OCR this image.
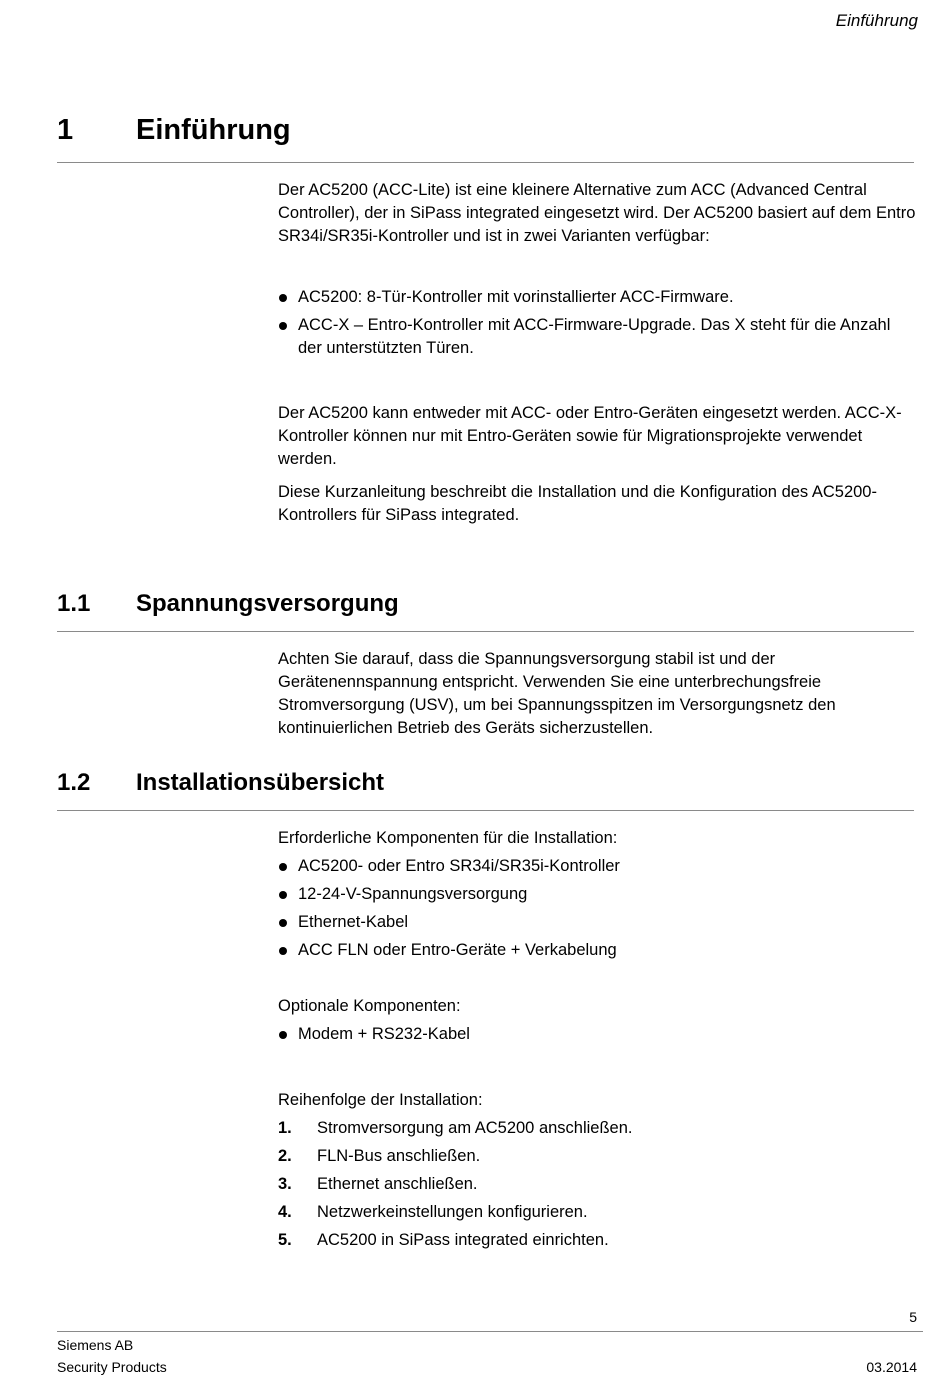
Einführung
1 Einführung

Der AC5200 (ACC-Lite) ist eine kleinere Alternative zum ACC (Advanced Central Controller), der in SiPass integrated eingesetzt wird. Der AC5200 basiert auf dem Entro SR34i/SR35i-Kontroller und ist in zwei Varianten verfügbar:

AC5200: 8-Tür-Kontroller mit vorinstallierter ACC-Firmware.
ACC-X – Entro-Kontroller mit ACC-Firmware-Upgrade. Das X steht für die Anzahl der unterstützten Türen.

Der AC5200 kann entweder mit ACC- oder Entro-Geräten eingesetzt werden. ACC-X-Kontroller können nur mit Entro-Geräten sowie für Migrationsprojekte verwendet werden.

Diese Kurzanleitung beschreibt die Installation und die Konfiguration des AC5200-Kontrollers für SiPass integrated.

1.1 Spannungsversorgung

Achten Sie darauf, dass die Spannungsversorgung stabil ist und der Gerätenennspannung entspricht. Verwenden Sie eine unterbrechungsfreie Stromversorgung (USV), um bei Spannungsspitzen im Versorgungsnetz den kontinuierlichen Betrieb des Geräts sicherzustellen.

1.2 Installationsübersicht

Erforderliche Komponenten für die Installation:

AC5200- oder Entro SR34i/SR35i-Kontroller
12-24-V-Spannungsversorgung
Ethernet-Kabel
ACC FLN oder Entro-Geräte + Verkabelung

Optionale Komponenten:

Modem + RS232-Kabel

Reihenfolge der Installation:

1. Stromversorgung am AC5200 anschließen.
2. FLN-Bus anschließen.
3. Ethernet anschließen.
4. Netzwerkeinstellungen konfigurieren.
5. AC5200 in SiPass integrated einrichten.
5
Siemens AB
Security Products	03.2014
